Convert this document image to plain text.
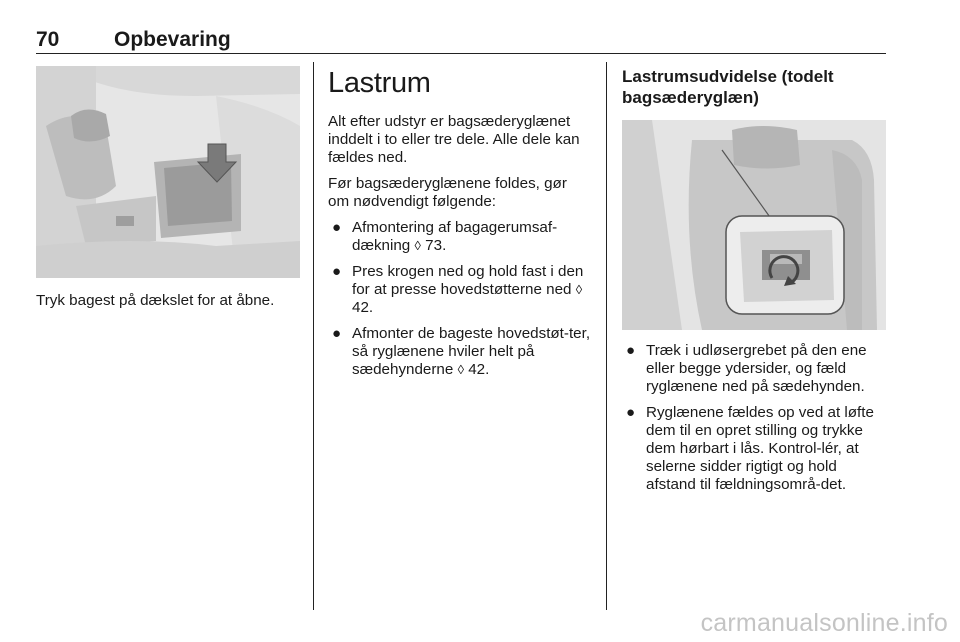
70	Opbevaring
Tryk bagest på dækslet for at åbne.
Lastrum

Alt efter udstyr er bagsæderyglænet inddelt i to eller tre dele. Alle dele kan fældes ned.

Før bagsæderyglænene foldes, gør om nødvendigt følgende:

● Afmontering af bagagerumsaf-dækning ◊ 73.
● Pres krogen ned og hold fast i den for at presse hovedstøtterne ned ◊ 42.
● Afmonter de bageste hovedstøt-ter, så ryglænene hviler helt på sædehynderne ◊ 42.
Lastrumsudvidelse (todelt bagsæderyglæn)
● Træk i udløsergrebet på den ene eller begge ydersider, og fæld ryglænene ned på sædehynden.
● Ryglænene fældes op ved at løfte dem til en opret stilling og trykke dem hørbart i lås. Kontrol-lér, at selerne sidder rigtigt og hold afstand til fældningsområ-det.
carmanualsonline.info
